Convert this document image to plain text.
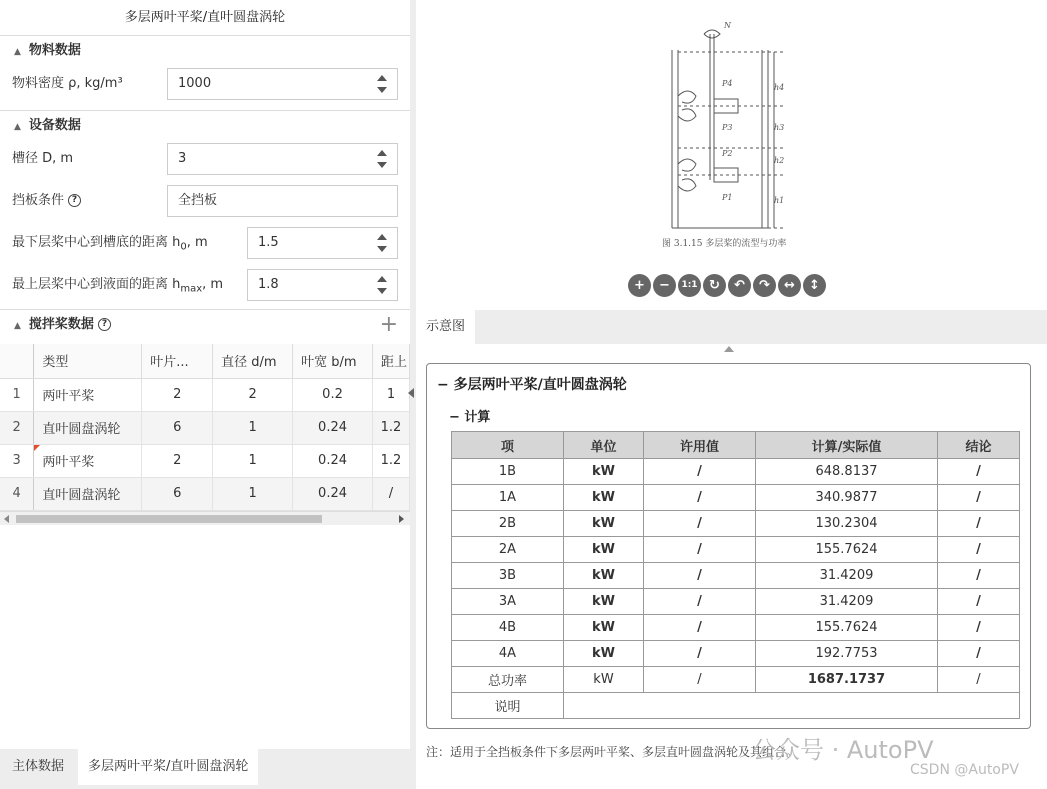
多层两叶平桨/直叶圆盘涡轮
▲ 物料数据
物料密度 ρ, kg/m³	1000
▲ 设备数据
槽径 D, m	3
挡板条件 ?	全挡板
最下层桨中心到槽底的距离 $h_0$, m	1.5
最上层桨中心到液面的距离 $h_{max}$, m	1.8
▲ 搅拌桨数据 ?	+
	类型	叶片...	直径 d/m	叶宽 b/m	距上
1	两叶平桨	2	2	0.2	1
2	直叶圆盘涡轮	6	1	0.24	1.2
3	两叶平桨	2	1	0.24	1.2
4	直叶圆盘涡轮	6	1	0.24	/
主体数据	多层两叶平桨/直叶圆盘涡轮
N
P4
P3
P2
P1
h4
h3
h2
h1
图 3.1.15 多层桨的流型与功率
+ − 1:1 ↻ ↶ ↷ ↔ ↕
示意图
− 多层两叶平桨/直叶圆盘涡轮
− 计算
项	单位	许用值	计算/实际值	结论
1B	kW	/	648.8137	/
1A	kW	/	340.9877	/
2B	kW	/	130.2304	/
2A	kW	/	155.7624	/
3B	kW	/	31.4209	/
3A	kW	/	31.4209	/
4B	kW	/	155.7624	/
4A	kW	/	192.7753	/
总功率	kW	/	1687.1737	/
说明				
注：适用于全挡板条件下多层两叶平桨、多层直叶圆盘涡轮及其组合。
公众号 · AutoPV
CSDN @AutoPV
